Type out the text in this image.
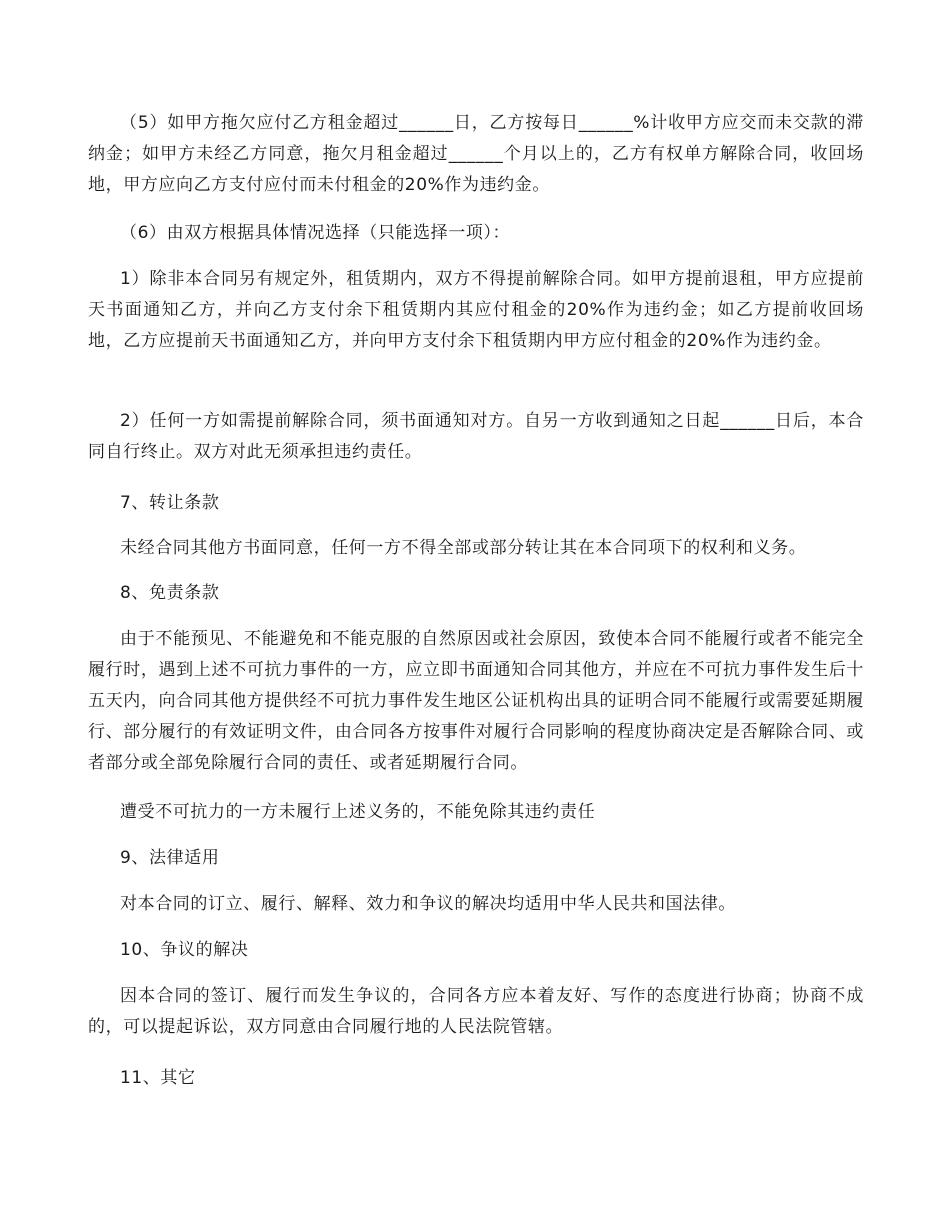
（5）如甲方拖欠应付乙方租金超过______日，乙方按每日______%计收甲方应交而未交款的滞纳金；如甲方未经乙方同意，拖欠月租金超过______个月以上的，乙方有权单方解除合同，收回场地，甲方应向乙方支付应付而未付租金的20%作为违约金。

（6）由双方根据具体情况选择（只能选择一项）：

1）除非本合同另有规定外，租赁期内，双方不得提前解除合同。如甲方提前退租，甲方应提前天书面通知乙方，并向乙方支付余下租赁期内其应付租金的20%作为违约金；如乙方提前收回场地，乙方应提前天书面通知乙方，并向甲方支付余下租赁期内甲方应付租金的20%作为违约金。

2）任何一方如需提前解除合同，须书面通知对方。自另一方收到通知之日起______日后，本合同自行终止。双方对此无须承担违约责任。

7、转让条款

未经合同其他方书面同意，任何一方不得全部或部分转让其在本合同项下的权利和义务。

8、免责条款

由于不能预见、不能避免和不能克服的自然原因或社会原因，致使本合同不能履行或者不能完全履行时，遇到上述不可抗力事件的一方，应立即书面通知合同其他方，并应在不可抗力事件发生后十五天内，向合同其他方提供经不可抗力事件发生地区公证机构出具的证明合同不能履行或需要延期履行、部分履行的有效证明文件，由合同各方按事件对履行合同影响的程度协商决定是否解除合同、或者部分或全部免除履行合同的责任、或者延期履行合同。

遭受不可抗力的一方未履行上述义务的，不能免除其违约责任

9、法律适用

对本合同的订立、履行、解释、效力和争议的解决均适用中华人民共和国法律。

10、争议的解决

因本合同的签订、履行而发生争议的，合同各方应本着友好、写作的态度进行协商；协商不成的，可以提起诉讼，双方同意由合同履行地的人民法院管辖。

11、其它
